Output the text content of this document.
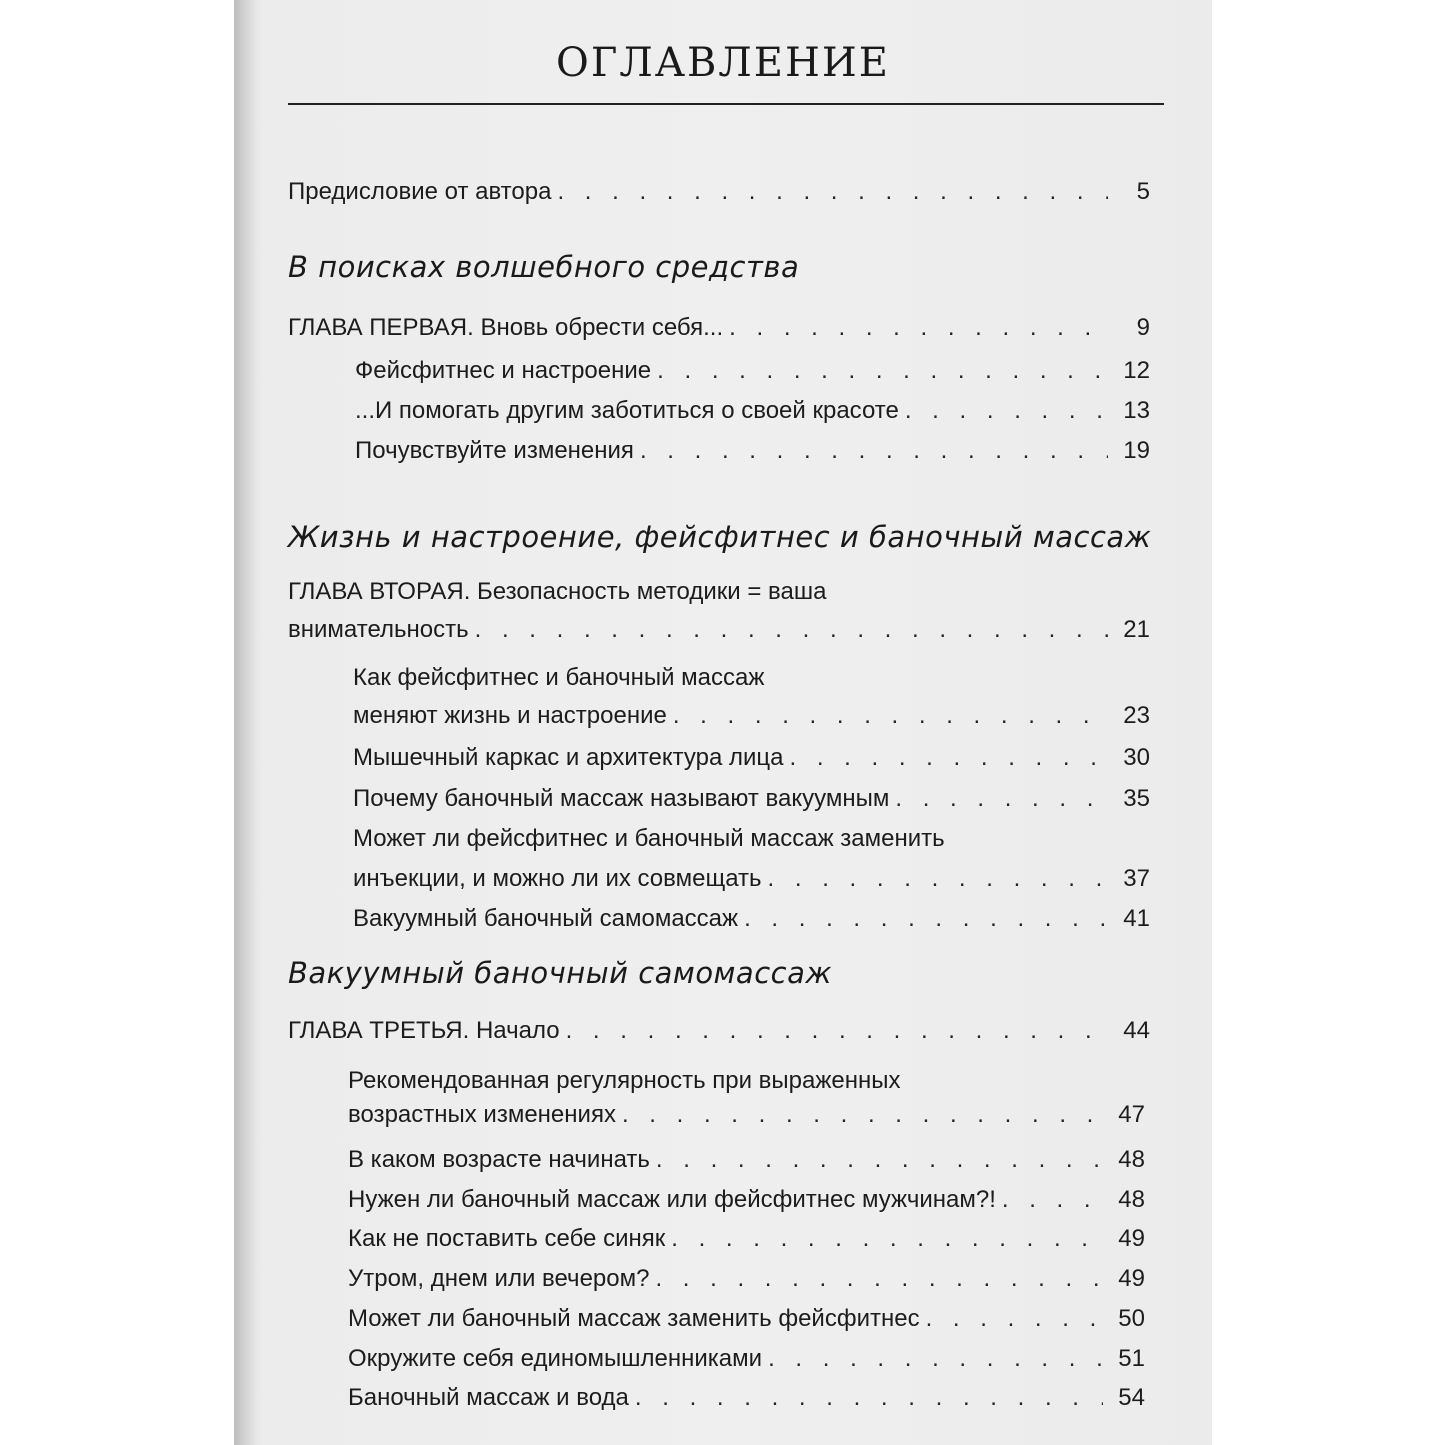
ОГЛАВЛЕНИЕ
Предисловие от автора . . .	5
В поисках волшебного средства
ГЛАВА ПЕРВАЯ. Вновь обрести себя... . . .	9
Фейсфитнес и настроение . . .	12
...И помогать другим заботиться о своей красоте . . .	13
Почувствуйте изменения . . .	19
Жизнь и настроение, фейсфитнес и баночный массаж
ГЛАВА ВТОРАЯ. Безопасность методики = ваша
внимательность . . .	21
Как фейсфитнес и баночный массаж
меняют жизнь и настроение . . .	23
Мышечный каркас и архитектура лица . . .	30
Почему баночный массаж называют вакуумным . . .	35
Может ли фейсфитнес и баночный массаж заменить
инъекции, и можно ли их совмещать . . .	37
Вакуумный баночный самомассаж . . .	41
Вакуумный баночный самомассаж
ГЛАВА ТРЕТЬЯ. Начало . . .	44
Рекомендованная регулярность при выраженных
возрастных изменениях . . .	47
В каком возрасте начинать . . .	48
Нужен ли баночный массаж или фейсфитнес мужчинам?! . . .	48
Как не поставить себе синяк . . .	49
Утром, днем или вечером? . . .	49
Может ли баночный массаж заменить фейсфитнес . . .	50
Окружите себя единомышленниками . . .	51
Баночный массаж и вода . . .	54
